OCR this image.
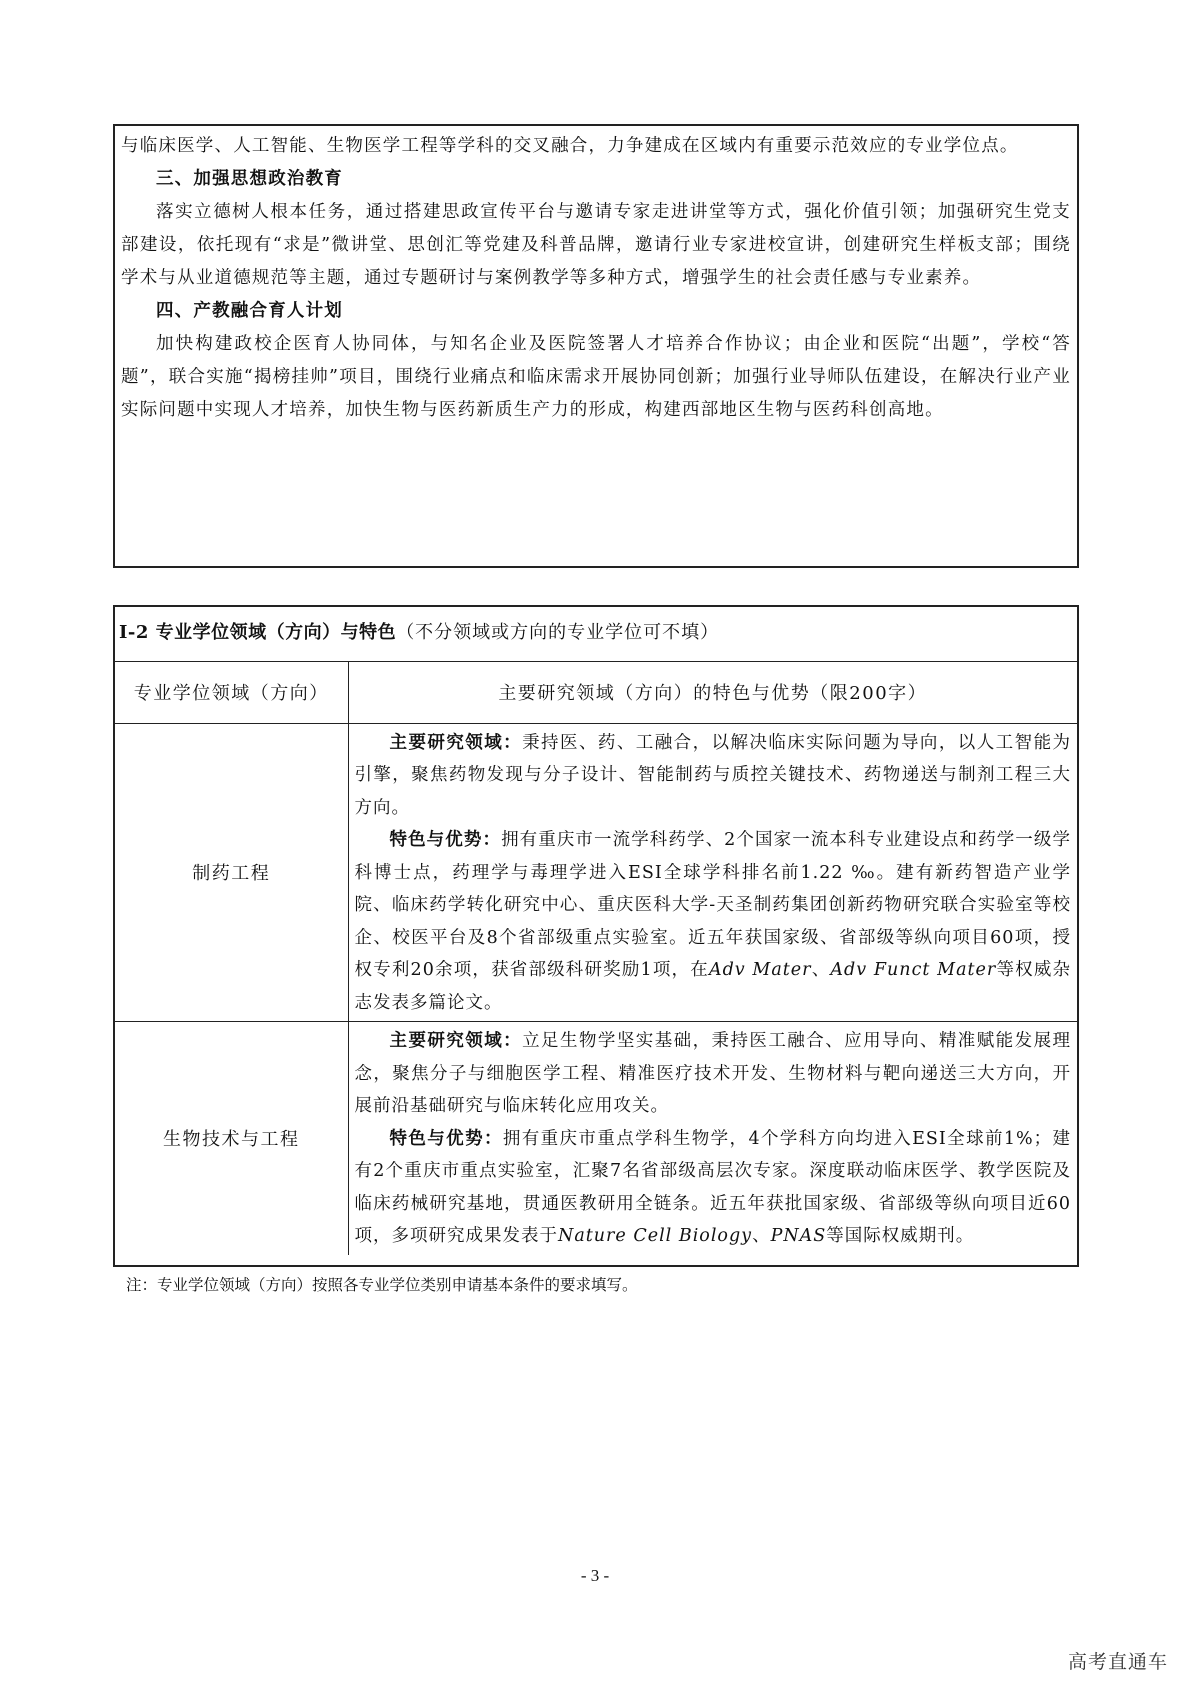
与临床医学、人工智能、生物医学工程等学科的交叉融合，力争建成在区域内有重要示范效应的专业学位点。

三、加强思想政治教育

落实立德树人根本任务，通过搭建思政宣传平台与邀请专家走进讲堂等方式，强化价值引领；加强研究生党支部建设，依托现有“求是”微讲堂、思创汇等党建及科普品牌，邀请行业专家进校宣讲，创建研究生样板支部；围绕学术与从业道德规范等主题，通过专题研讨与案例教学等多种方式，增强学生的社会责任感与专业素养。

四、产教融合育人计划

加快构建政校企医育人协同体，与知名企业及医院签署人才培养合作协议；由企业和医院“出题”，学校“答题”，联合实施“揭榜挂帅”项目，围绕行业痛点和临床需求开展协同创新；加强行业导师队伍建设，在解决行业产业实际问题中实现人才培养，加快生物与医药新质生产力的形成，构建西部地区生物与医药科创高地。

I-2 专业学位领域（方向）与特色（不分领域或方向的专业学位可不填）
专业学位领域（方向）	主要研究领域（方向）的特色与优势（限200字）
制药工程	主要研究领域：秉持医、药、工融合，以解决临床实际问题为导向，以人工智能为引擎，聚焦药物发现与分子设计、智能制药与质控关键技术、药物递送与制剂工程三大方向。

特色与优势：拥有重庆市一流学科药学、2个国家一流本科专业建设点和药学一级学科博士点，药理学与毒理学进入ESI全球学科排名前1.22 ‰。建有新药智造产业学院、临床药学转化研究中心、重庆医科大学-天圣制药集团创新药物研究联合实验室等校企、校医平台及8个省部级重点实验室。近五年获国家级、省部级等纵向项目60项，授权专利20余项，获省部级科研奖励1项，在Adv Mater、Adv Funct Mater等权威杂志发表多篇论文。

生物技术与工程	主要研究领域：立足生物学坚实基础，秉持医工融合、应用导向、精准赋能发展理念，聚焦分子与细胞医学工程、精准医疗技术开发、生物材料与靶向递送三大方向，开展前沿基础研究与临床转化应用攻关。

特色与优势：拥有重庆市重点学科生物学，4个学科方向均进入ESI全球前1%；建有2个重庆市重点实验室，汇聚7名省部级高层次专家。深度联动临床医学、教学医院及临床药械研究基地，贯通医教研用全链条。近五年获批国家级、省部级等纵向项目近60项，多项研究成果发表于Nature Cell Biology、PNAS等国际权威期刊。

注：专业学位领域（方向）按照各专业学位类别申请基本条件的要求填写。
- 3 -
高考直通车
